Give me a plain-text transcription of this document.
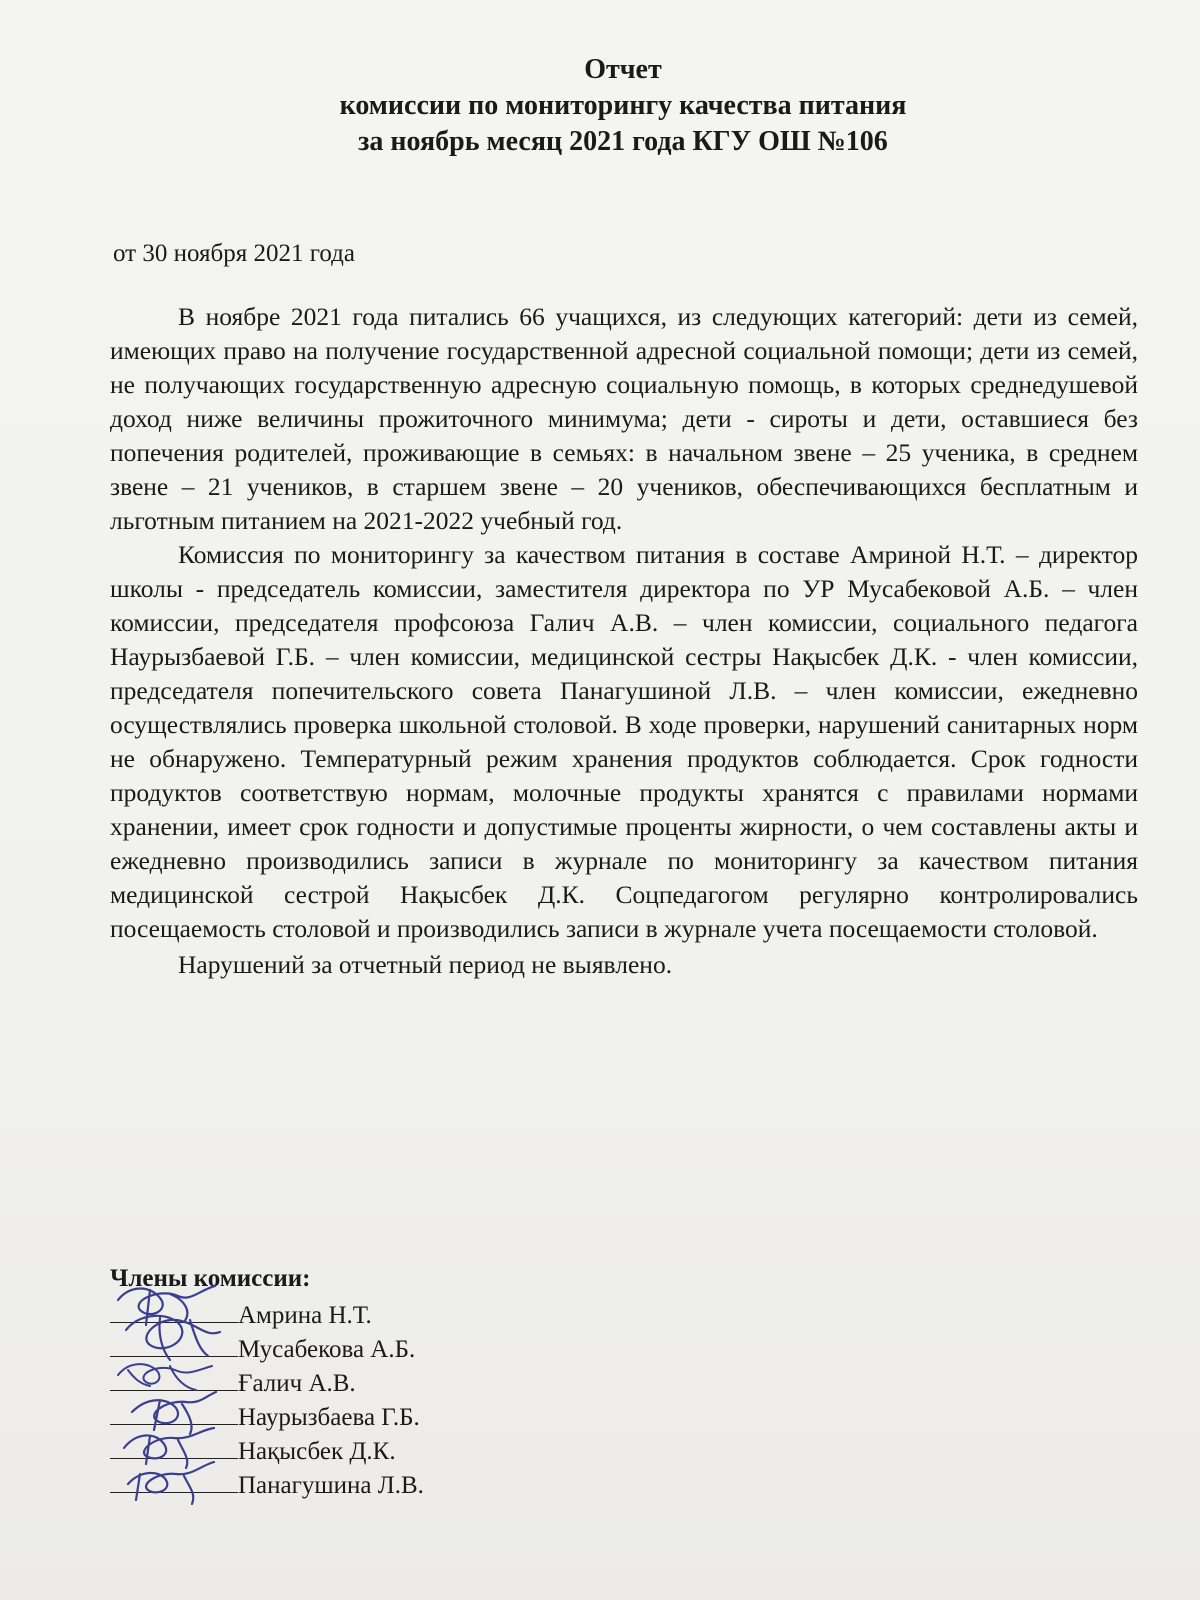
Отчет
комиссии по мониторингу качества питания
за ноябрь месяц 2021 года КГУ ОШ №106
от 30 ноября 2021 года

В ноябре 2021 года питались 66 учащихся, из следующих категорий: дети из семей, имеющих право на получение государственной адресной социальной помощи; дети из семей, не получающих государственную адресную социальную помощь, в которых среднедушевой доход ниже величины прожиточного минимума; дети - сироты и дети, оставшиеся без попечения родителей, проживающие в семьях: в начальном звене – 25 ученика, в среднем звене – 21 учеников, в старшем звене – 20 учеников, обеспечивающихся бесплатным и льготным питанием на 2021-2022 учебный год.

Комиссия по мониторингу за качеством питания в составе Амриной Н.Т. – директор школы - председатель комиссии, заместителя директора по УР Мусабековой А.Б. – член комиссии, председателя профсоюза Галич А.В. – член комиссии, социального педагога Наурызбаевой Г.Б. – член комиссии, медицинской сестры Нақысбек Д.К. - член комиссии, председателя попечительского совета Панагушиной Л.В. – член комиссии, ежедневно осуществлялись проверка школьной столовой. В ходе проверки, нарушений санитарных норм не обнаружено. Температурный режим хранения продуктов соблюдается. Срок годности продуктов соответствую нормам, молочные продукты хранятся с правилами нормами хранении, имеет срок годности и допустимые проценты жирности, о чем составлены акты и ежедневно производились записи в журнале по мониторингу за качеством питания медицинской сестрой Нақысбек Д.К. Соцпедагогом регулярно контролировались посещаемость столовой и производились записи в журнале учета посещаемости столовой.

Нарушений за отчетный период не выявлено.

Члены комиссии:
Амрина Н.Т.
Мусабекова А.Б.
Ғалич А.В.
Наурызбаева Г.Б.
Нақысбек Д.К.
Панагушина Л.В.
